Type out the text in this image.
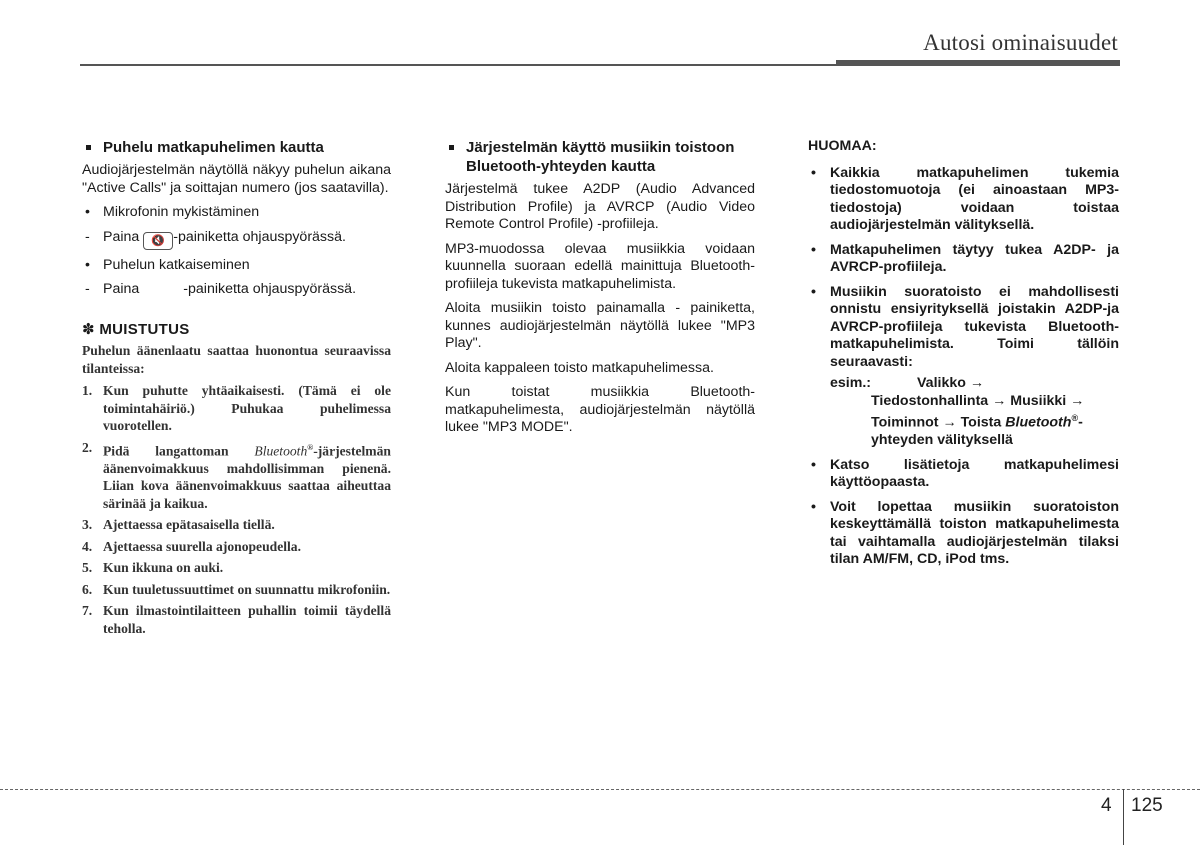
Autosi ominaisuudet
Puhelu matkapuhelimen kautta

Audiojärjestelmän näytöllä näkyy puhelun aikana "Active Calls" ja soittajan numero (jos saatavilla).

• Mikrofonin mykistäminen
- Paina 🔇 -painiketta ohjauspyörässä.
• Puhelun katkaiseminen
- Paina	-painiketta ohjauspyörässä.
✽ MUISTUTUS

Puhelun äänenlaatu saattaa huonontua seuraavissa tilanteissa:

1. Kun puhutte yhtäaikaisesti. (Tämä ei ole toimintahäiriö.) Puhukaa puhelimessa vuorotellen.
2. Pidä langattoman Bluetooth®-järjestelmän äänenvoimakkuus mahdollisimman pienenä. Liian kova äänenvoimakkuus saattaa aiheuttaa särinää ja kaikua.
3. Ajettaessa epätasaisella tiellä.
4. Ajettaessa suurella ajonopeudella.
5. Kun ikkuna on auki.
6. Kun tuuletussuuttimet on suunnattu mikrofoniin.
7. Kun ilmastointilaitteen puhallin toimii täydellä teholla.
Järjestelmän käyttö musiikin toistoon Bluetooth-yhteyden kautta

Järjestelmä tukee A2DP (Audio Advanced Distribution Profile) ja AVRCP (Audio Video Remote Control Profile) -profiileja.

MP3-muodossa olevaa musiikkia voidaan kuunnella suoraan edellä mainittuja Bluetooth-profiileja tukevista matkapuhelimista.

Aloita musiikin toisto painamalla - painiketta, kunnes audiojärjestelmän näytöllä lukee "MP3 Play".

Aloita kappaleen toisto matkapuhelimessa.

Kun toistat musiikkia Bluetooth-matkapuhelimesta, audiojärjestelmän näytöllä lukee "MP3 MODE".

HUOMAA:
• Kaikkia matkapuhelimen tukemia tiedostomuotoja (ei ainoastaan MP3-tiedostoja) voidaan toistaa audiojärjestelmän välityksellä.
• Matkapuhelimen täytyy tukea A2DP- ja AVRCP-profiileja.
• Musiikin suoratoisto ei mahdollisesti onnistu ensiyrityksellä joistakin A2DP-ja AVRCP-profiileja tukevista Bluetooth-matkapuhelimista. Toimi tällöin seuraavasti:
esim.:	Valikko →
Tiedostonhallinta → Musiikki →
Toiminnot → Toista Bluetooth®-
yhteyden välityksellä
• Katso lisätietoja matkapuhelimesi käyttöopaasta.
• Voit lopettaa musiikin suoratoiston keskeyttämällä toiston matkapuhelimesta tai vaihtamalla audiojärjestelmän tilaksi tilan AM/FM, CD, iPod tms.
4 125
